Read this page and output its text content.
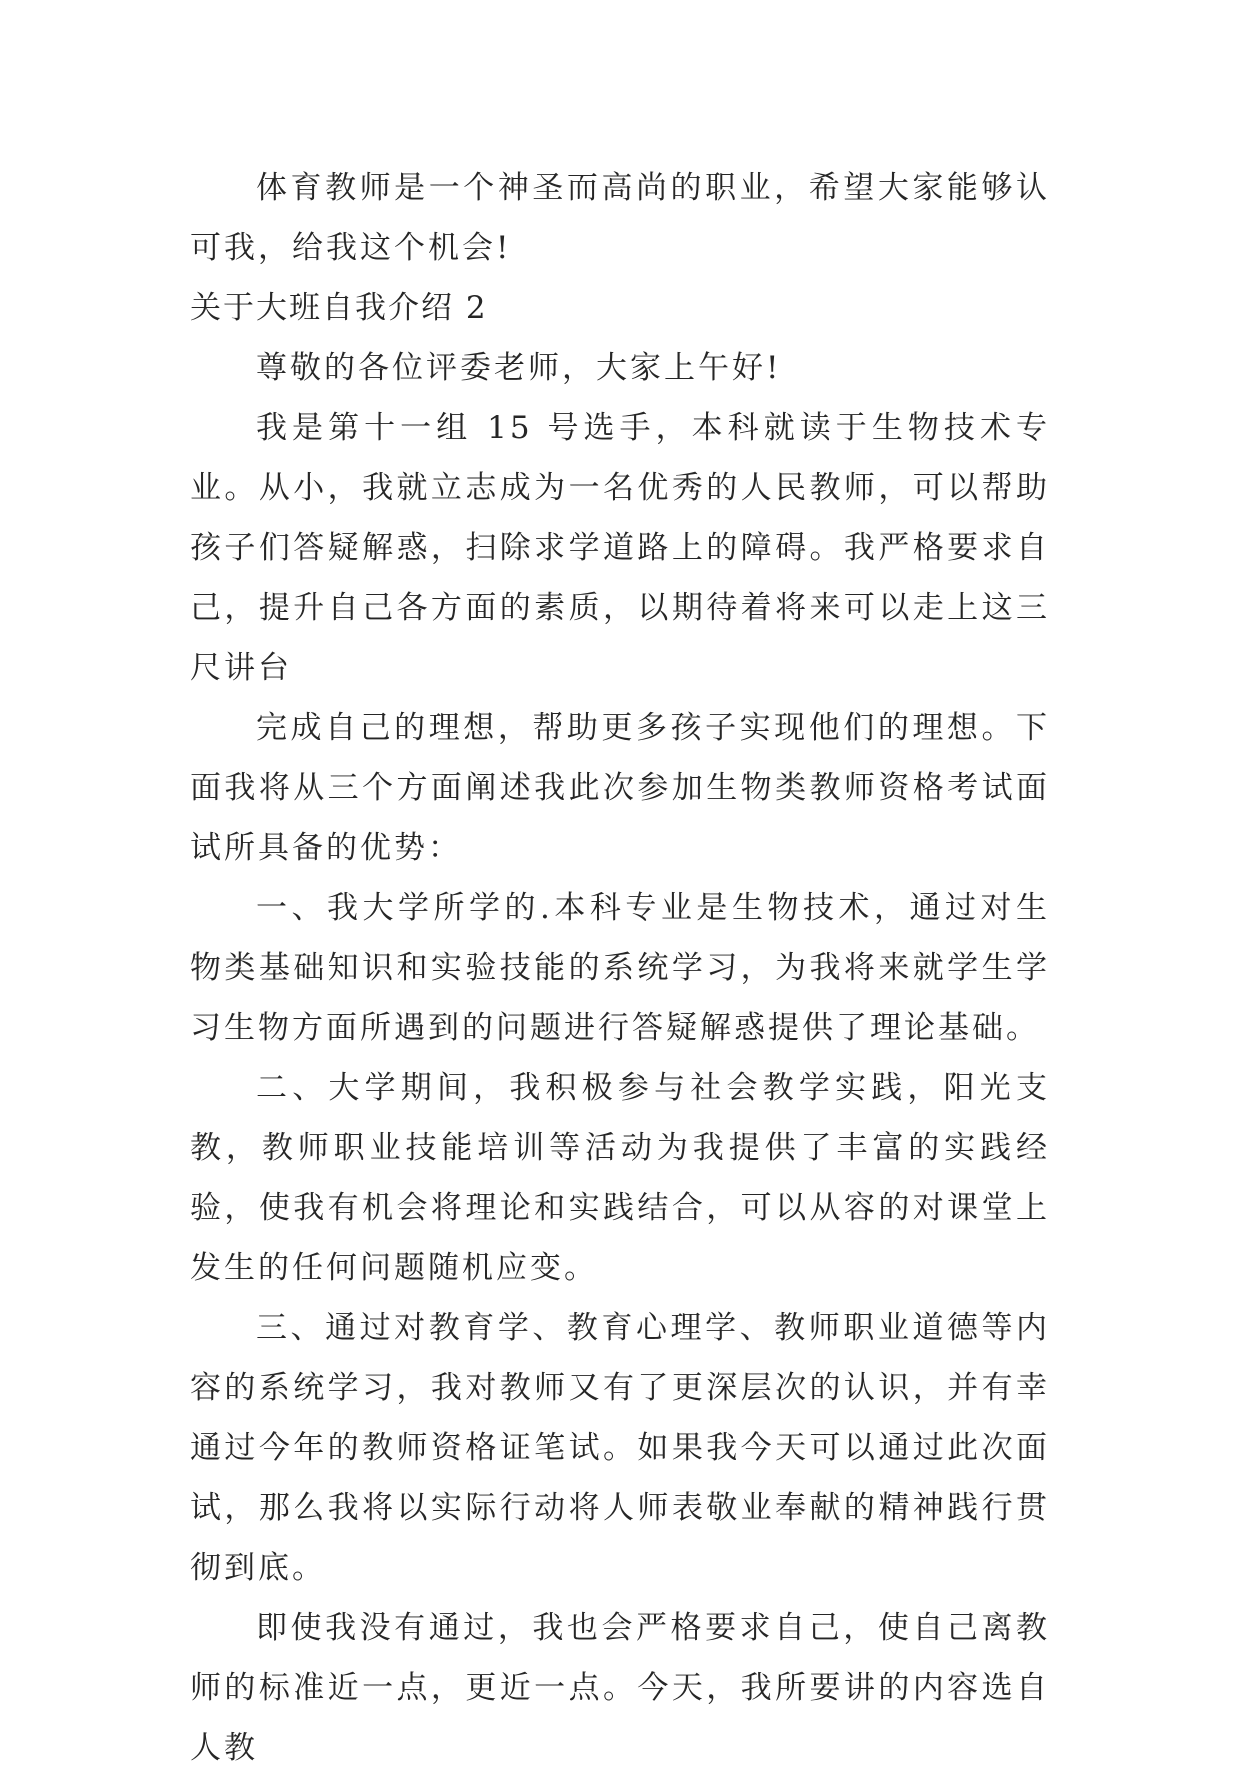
体育教师是一个神圣而高尚的职业，希望大家能够认可我，给我这个机会!

关于大班自我介绍 2

尊敬的各位评委老师，大家上午好!

我是第十一组 15 号选手，本科就读于生物技术专业。从小，我就立志成为一名优秀的人民教师，可以帮助孩子们答疑解惑，扫除求学道路上的障碍。我严格要求自己，提升自己各方面的素质，以期待着将来可以走上这三尺讲台

完成自己的理想，帮助更多孩子实现他们的理想。下面我将从三个方面阐述我此次参加生物类教师资格考试面试所具备的优势：

一、我大学所学的.本科专业是生物技术，通过对生物类基础知识和实验技能的系统学习，为我将来就学生学习生物方面所遇到的问题进行答疑解惑提供了理论基础。

二、大学期间，我积极参与社会教学实践，阳光支教，教师职业技能培训等活动为我提供了丰富的实践经验，使我有机会将理论和实践结合，可以从容的对课堂上发生的任何问题随机应变。

三、通过对教育学、教育心理学、教师职业道德等内容的系统学习，我对教师又有了更深层次的认识，并有幸通过今年的教师资格证笔试。如果我今天可以通过此次面试，那么我将以实际行动将人师表敬业奉献的精神践行贯彻到底。

即使我没有通过，我也会严格要求自己，使自己离教师的标准近一点，更近一点。今天，我所要讲的内容选自人教
